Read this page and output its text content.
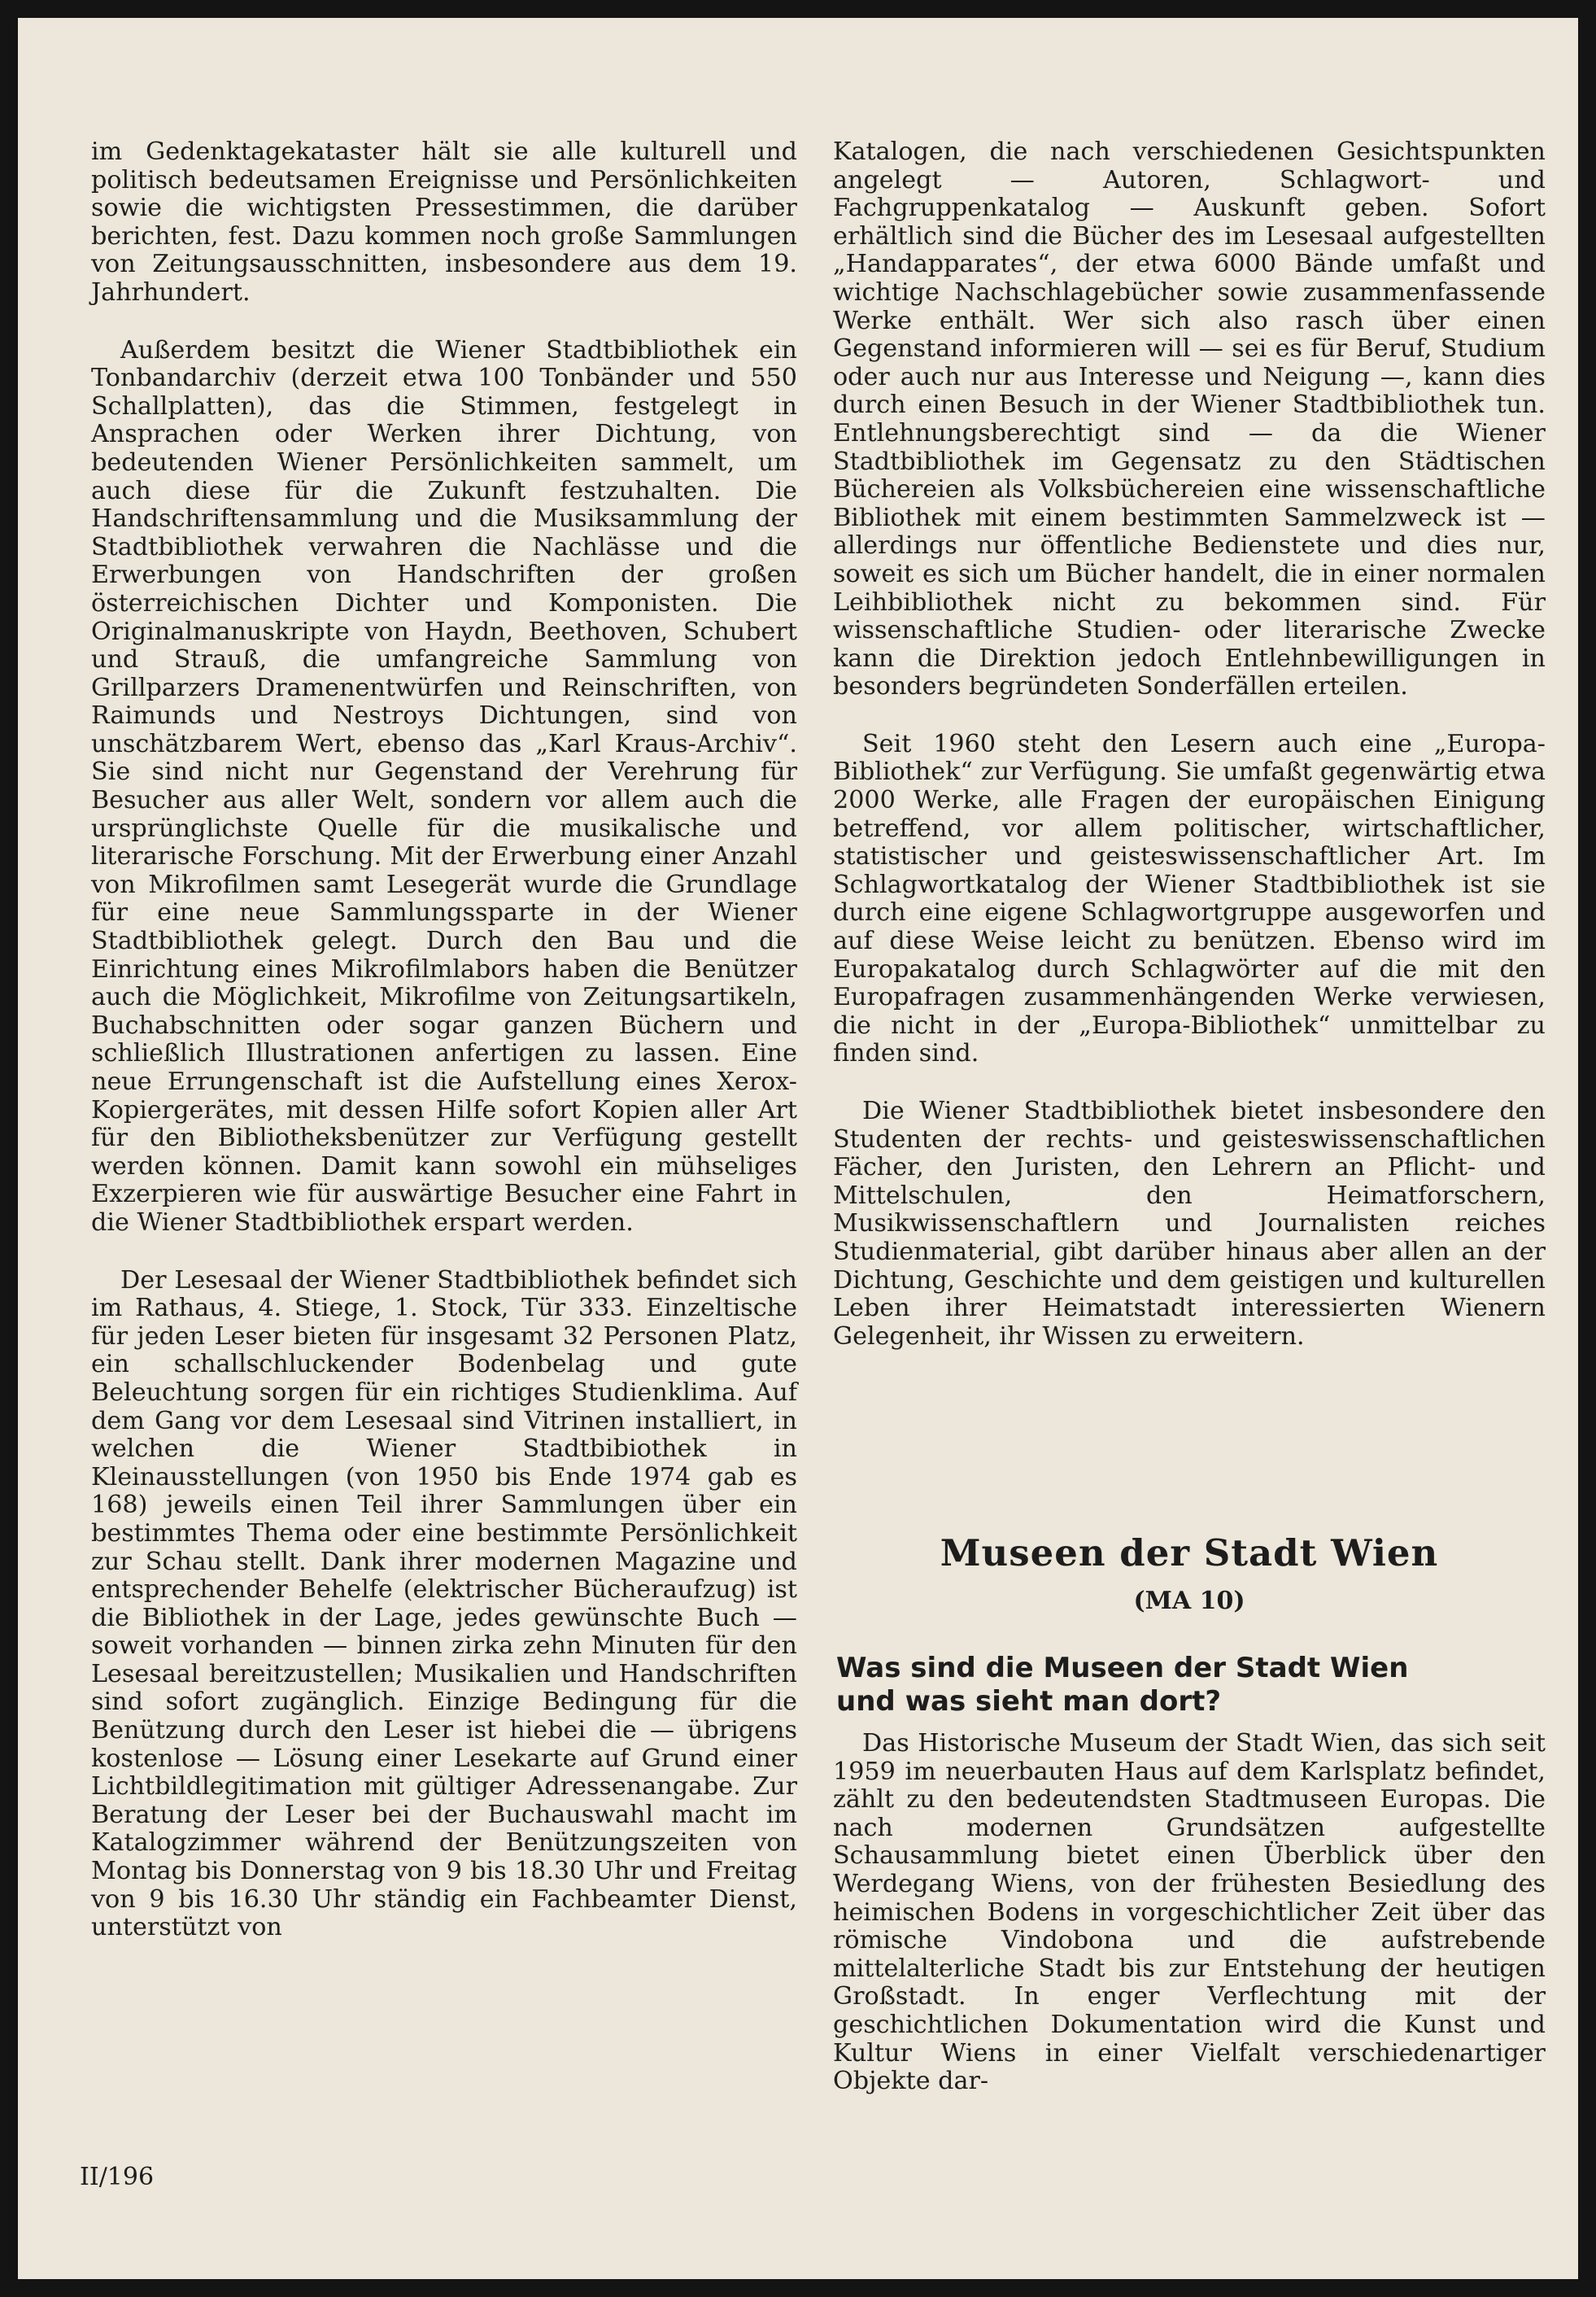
im Gedenktagekataster hält sie alle kulturell und politisch bedeutsamen Ereignisse und Persönlichkeiten sowie die wichtigsten Pressestimmen, die darüber berichten, fest. Dazu kommen noch große Sammlungen von Zeitungsausschnitten, insbesondere aus dem 19. Jahrhundert.

Außerdem besitzt die Wiener Stadtbibliothek ein Tonbandarchiv (derzeit etwa 100 Tonbänder und 550 Schallplatten), das die Stimmen, festgelegt in Ansprachen oder Werken ihrer Dichtung, von bedeutenden Wiener Persönlichkeiten sammelt, um auch diese für die Zukunft festzuhalten. Die Handschriftensammlung und die Musiksammlung der Stadtbibliothek verwahren die Nachlässe und die Erwerbungen von Handschriften der großen österreichischen Dichter und Komponisten. Die Originalmanuskripte von Haydn, Beethoven, Schubert und Strauß, die umfangreiche Sammlung von Grillparzers Dramenentwürfen und Reinschriften, von Raimunds und Nestroys Dichtungen, sind von unschätzbarem Wert, ebenso das „Karl Kraus-Archiv“. Sie sind nicht nur Gegenstand der Verehrung für Besucher aus aller Welt, sondern vor allem auch die ursprünglichste Quelle für die musikalische und literarische Forschung. Mit der Erwerbung einer Anzahl von Mikrofilmen samt Lesegerät wurde die Grundlage für eine neue Sammlungssparte in der Wiener Stadtbibliothek gelegt. Durch den Bau und die Einrichtung eines Mikrofilmlabors haben die Benützer auch die Möglichkeit, Mikrofilme von Zeitungsartikeln, Buchabschnitten oder sogar ganzen Büchern und schließlich Illustrationen anfertigen zu lassen. Eine neue Errungenschaft ist die Aufstellung eines Xerox-Kopiergerätes, mit dessen Hilfe sofort Kopien aller Art für den Bibliotheksbenützer zur Verfügung gestellt werden können. Damit kann sowohl ein mühseliges Exzerpieren wie für auswärtige Besucher eine Fahrt in die Wiener Stadtbibliothek erspart werden.

Der Lesesaal der Wiener Stadtbibliothek befindet sich im Rathaus, 4. Stiege, 1. Stock, Tür 333. Einzeltische für jeden Leser bieten für insgesamt 32 Personen Platz, ein schallschluckender Bodenbelag und gute Beleuchtung sorgen für ein richtiges Studienklima. Auf dem Gang vor dem Lesesaal sind Vitrinen installiert, in welchen die Wiener Stadtbibiothek in Kleinausstellungen (von 1950 bis Ende 1974 gab es 168) jeweils einen Teil ihrer Sammlungen über ein bestimmtes Thema oder eine bestimmte Persönlichkeit zur Schau stellt. Dank ihrer modernen Magazine und entsprechender Behelfe (elektrischer Bücheraufzug) ist die Bibliothek in der Lage, jedes gewünschte Buch — soweit vorhanden — binnen zirka zehn Minuten für den Lesesaal bereitzustellen; Musikalien und Handschriften sind sofort zugänglich. Einzige Bedingung für die Benützung durch den Leser ist hiebei die — übrigens kostenlose — Lösung einer Lesekarte auf Grund einer Lichtbildlegitimation mit gültiger Adressenangabe. Zur Beratung der Leser bei der Buchauswahl macht im Katalogzimmer während der Benützungszeiten von Montag bis Donnerstag von 9 bis 18.30 Uhr und Freitag von 9 bis 16.30 Uhr ständig ein Fachbeamter Dienst, unterstützt von

Katalogen, die nach verschiedenen Gesichtspunkten angelegt — Autoren, Schlagwort- und Fachgruppenkatalog — Auskunft geben. Sofort erhältlich sind die Bücher des im Lesesaal aufgestellten „Handapparates“, der etwa 6000 Bände umfaßt und wichtige Nachschlagebücher sowie zusammenfassende Werke enthält. Wer sich also rasch über einen Gegenstand informieren will — sei es für Beruf, Studium oder auch nur aus Interesse und Neigung —, kann dies durch einen Besuch in der Wiener Stadtbibliothek tun. Entlehnungsberechtigt sind — da die Wiener Stadtbibliothek im Gegensatz zu den Städtischen Büchereien als Volksbüchereien eine wissenschaftliche Bibliothek mit einem bestimmten Sammelzweck ist — allerdings nur öffentliche Bedienstete und dies nur, soweit es sich um Bücher handelt, die in einer normalen Leihbibliothek nicht zu bekommen sind. Für wissenschaftliche Studien- oder literarische Zwecke kann die Direktion jedoch Entlehnbewilligungen in besonders begründeten Sonderfällen erteilen.

Seit 1960 steht den Lesern auch eine „Europa-Bibliothek“ zur Verfügung. Sie umfaßt gegenwärtig etwa 2000 Werke, alle Fragen der europäischen Einigung betreffend, vor allem politischer, wirtschaftlicher, statistischer und geisteswissenschaftlicher Art. Im Schlagwortkatalog der Wiener Stadtbibliothek ist sie durch eine eigene Schlagwortgruppe ausgeworfen und auf diese Weise leicht zu benützen. Ebenso wird im Europakatalog durch Schlagwörter auf die mit den Europafragen zusammenhängenden Werke verwiesen, die nicht in der „Europa-Bibliothek“ unmittelbar zu finden sind.

Die Wiener Stadtbibliothek bietet insbesondere den Studenten der rechts- und geisteswissenschaftlichen Fächer, den Juristen, den Lehrern an Pflicht- und Mittelschulen, den Heimatforschern, Musikwissenschaftlern und Journalisten reiches Studienmaterial, gibt darüber hinaus aber allen an der Dichtung, Geschichte und dem geistigen und kulturellen Leben ihrer Heimatstadt interessierten Wienern Gelegenheit, ihr Wissen zu erweitern.

Museen der Stadt Wien
(MA 10)
Was sind die Museen der Stadt Wien
und was sieht man dort?

Das Historische Museum der Stadt Wien, das sich seit 1959 im neuerbauten Haus auf dem Karlsplatz befindet, zählt zu den bedeutendsten Stadtmuseen Europas. Die nach modernen Grundsätzen aufgestellte Schausammlung bietet einen Überblick über den Werdegang Wiens, von der frühesten Besiedlung des heimischen Bodens in vorgeschichtlicher Zeit über das römische Vindobona und die aufstrebende mittelalterliche Stadt bis zur Entstehung der heutigen Großstadt. In enger Verflechtung mit der geschichtlichen Dokumentation wird die Kunst und Kultur Wiens in einer Vielfalt verschiedenartiger Objekte dar-

II/196
